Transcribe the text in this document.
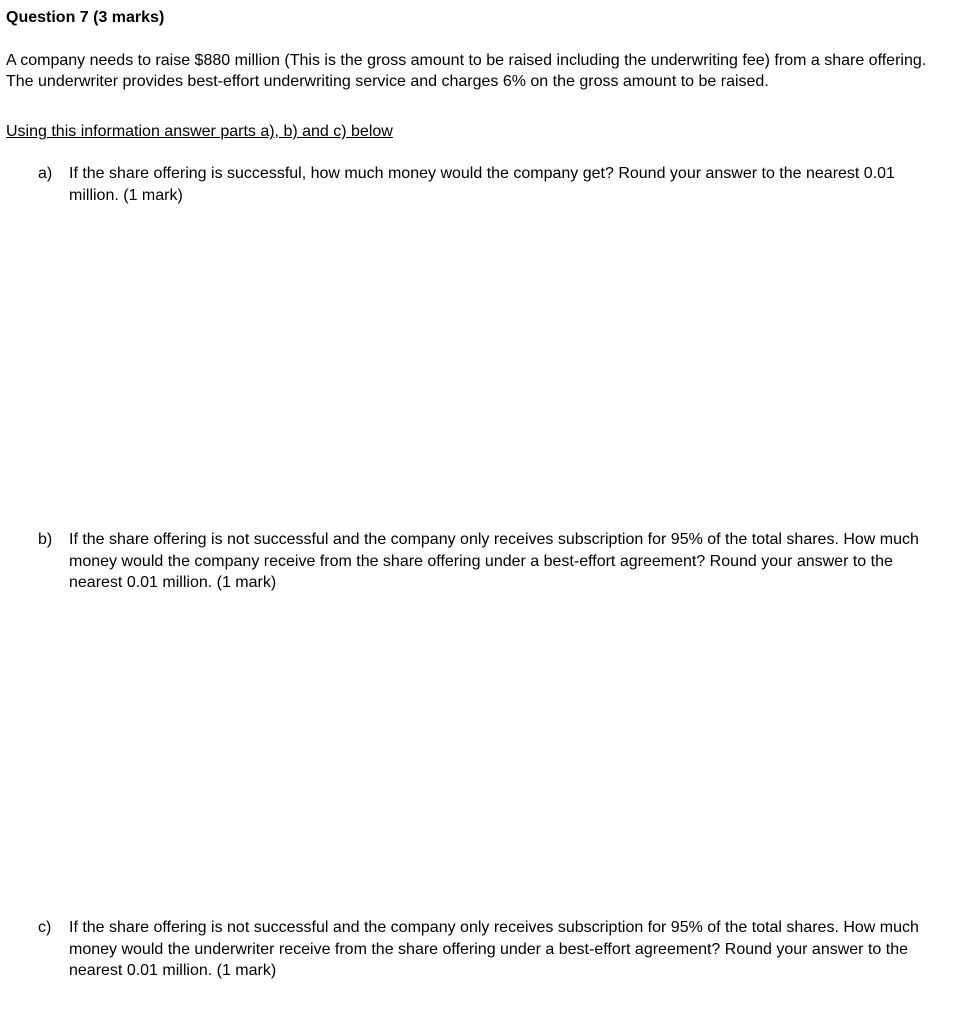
Question 7 (3 marks)

A company needs to raise $880 million (This is the gross amount to be raised including the underwriting fee) from a share offering. The underwriter provides best-effort underwriting service and charges 6% on the gross amount to be raised.

Using this information answer parts a), b) and c) below

a)	If the share offering is successful, how much money would the company get? Round your answer to the nearest 0.01 million. (1 mark)
b)	If the share offering is not successful and the company only receives subscription for 95% of the total shares. How much money would the company receive from the share offering under a best-effort agreement? Round your answer to the nearest 0.01 million. (1 mark)
c)	If the share offering is not successful and the company only receives subscription for 95% of the total shares. How much money would the underwriter receive from the share offering under a best-effort agreement? Round your answer to the nearest 0.01 million. (1 mark)
